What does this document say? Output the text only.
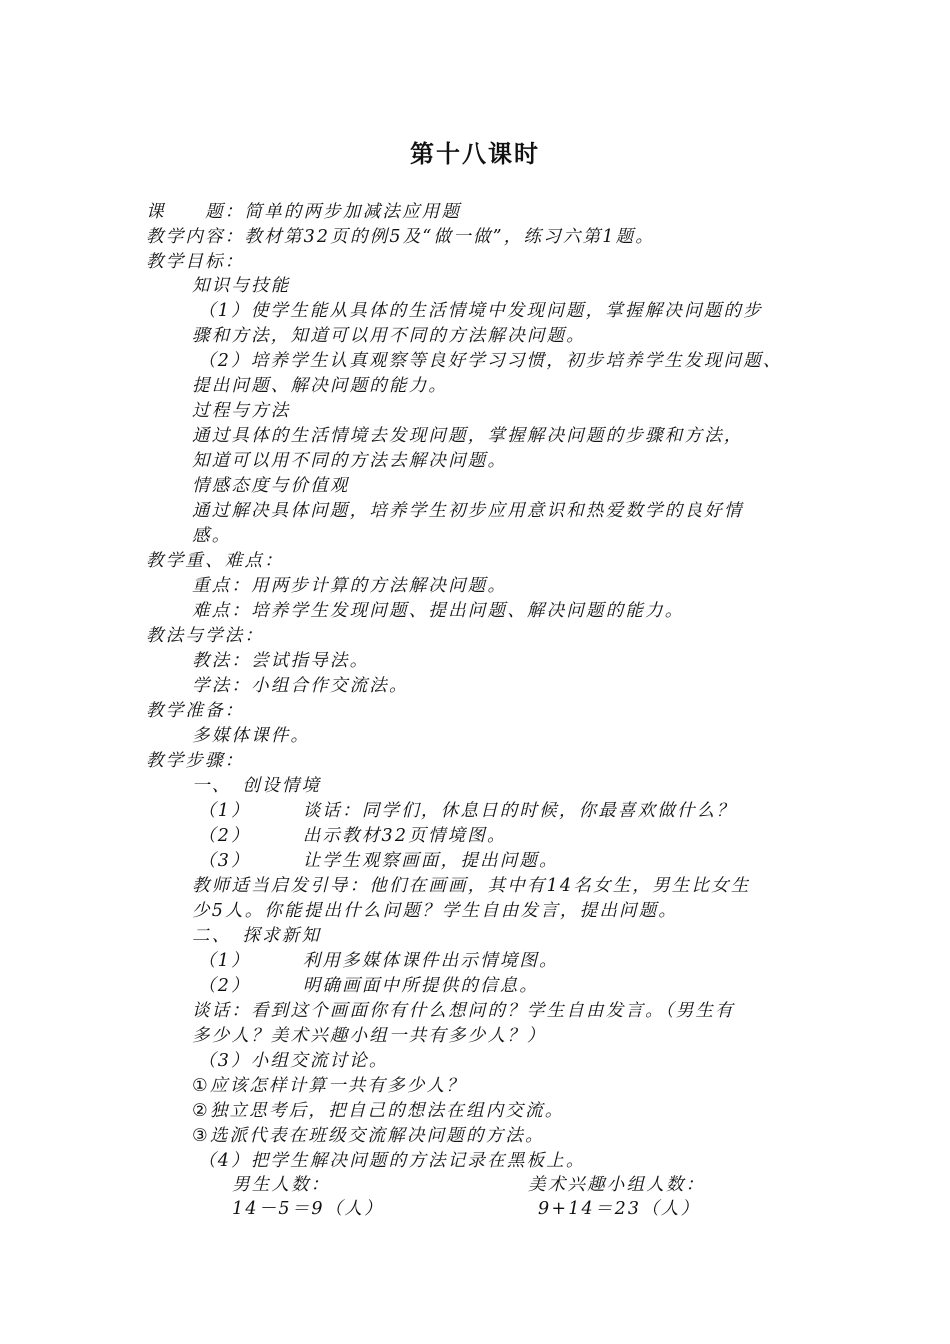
第十八课时
课　　题：简单的两步加减法应用题
教学内容：教材第32页的例5及“做一做”，练习六第1题。
教学目标：
知识与技能
（1）使学生能从具体的生活情境中发现问题，掌握解决问题的步
骤和方法，知道可以用不同的方法解决问题。
（2）培养学生认真观察等良好学习习惯，初步培养学生发现问题、
提出问题、解决问题的能力。
过程与方法
通过具体的生活情境去发现问题，掌握解决问题的步骤和方法，
知道可以用不同的方法去解决问题。
情感态度与价值观
通过解决具体问题，培养学生初步应用意识和热爱数学的良好情
感。
教学重、难点：
重点：用两步计算的方法解决问题。
难点：培养学生发现问题、提出问题、解决问题的能力。
教法与学法：
教法：尝试指导法。
学法：小组合作交流法。
教学准备：
多媒体课件。
教学步骤：
一、　创设情境
（1）	谈话：同学们，休息日的时候，你最喜欢做什么？
（2）	出示教材32页情境图。
（3）	让学生观察画面，提出问题。
教师适当启发引导：他们在画画，其中有14名女生，男生比女生
少5人。你能提出什么问题？学生自由发言，提出问题。
二、　探求新知
（1）	利用多媒体课件出示情境图。
（2）	明确画面中所提供的信息。
谈话：看到这个画面你有什么想问的？学生自由发言。（男生有
多少人？美术兴趣小组一共有多少人？）
（3）小组交流讨论。
①应该怎样计算一共有多少人？
②独立思考后，把自己的想法在组内交流。
③选派代表在班级交流解决问题的方法。
（4）把学生解决问题的方法记录在黑板上。
男生人数：	美术兴趣小组人数：
14－5＝9（人）	9+14＝23（人）
